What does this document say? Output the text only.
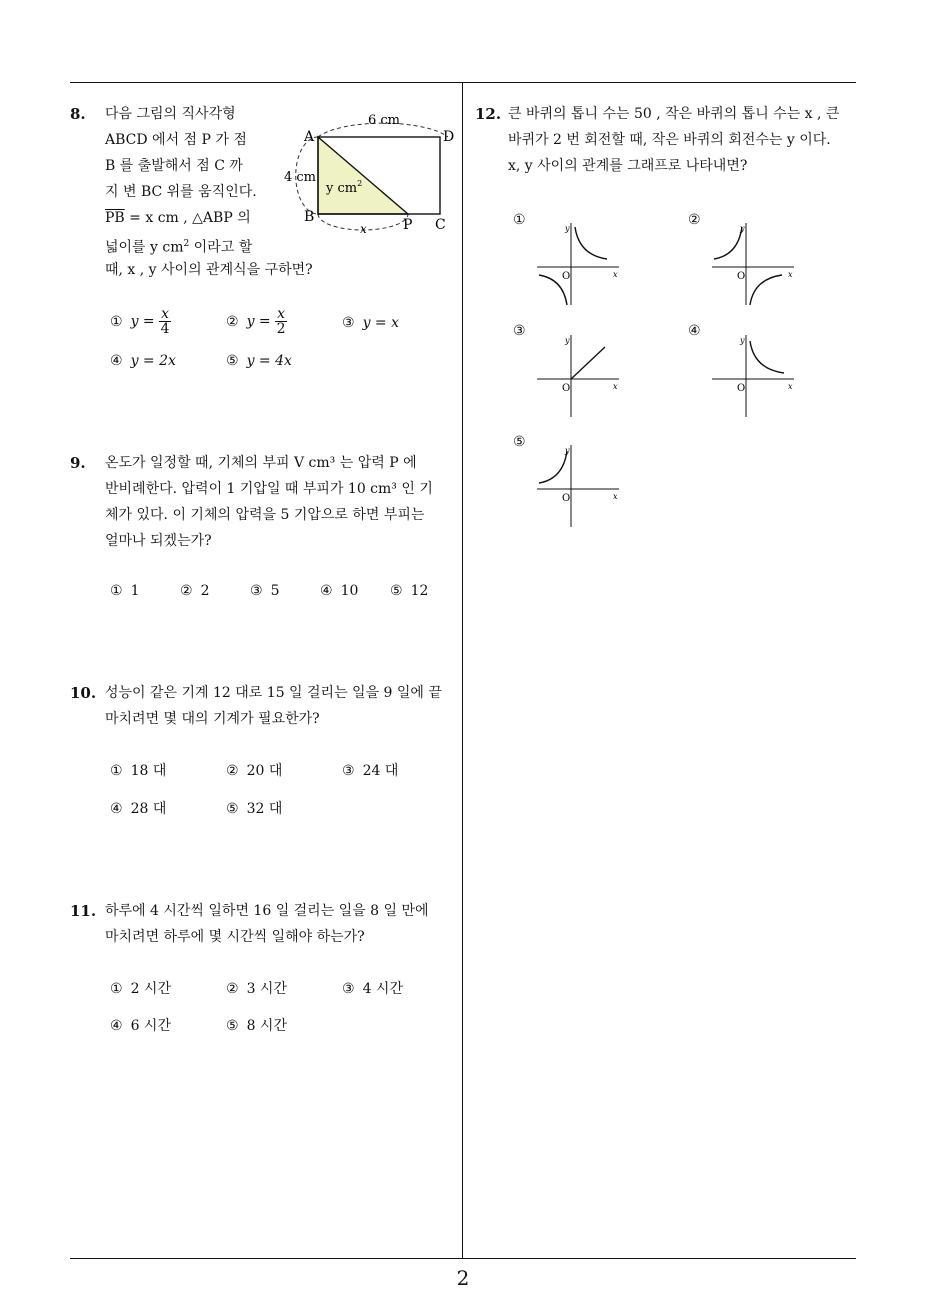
2
8. 다음 그림의 직사각형
ABCD 에서 점 P 가 점
B 를 출발해서 점 C 까
지 변 BC 위를 움직인다.
$\overline{PB} = x$ cm , △ABP 의
넓이를 y $cm^2$ 이라고 할
때, x , y 사이의 관계식을 구하면?
A
B	C
D
P
6 cm
4 cm
y $cm^2$
x
① $y = \frac{x}{4}$	② $y = \frac{x}{2}$	③ y = x
④ y = 2x	⑤ y = 4x
9. 온도가 일정할 때, 기체의 부피 V cm³ 는 압력 P 에
반비례한다. 압력이 1 기압일 때 부피가 10 cm³ 인 기
체가 있다. 이 기체의 압력을 5 기압으로 하면 부피는
얼마나 되겠는가?
① 1	② 2	③ 5	④ 10 ⑤ 12
10. 성능이 같은 기계 12 대로 15 일 걸리는 일을 9 일에 끝
마치려면 몇 대의 기계가 필요한가?
① 18 대	② 20 대	③ 24 대
④ 28 대	⑤ 32 대
11. 하루에 4 시간씩 일하면 16 일 걸리는 일을 8 일 만에
마치려면 하루에 몇 시간씩 일해야 하는가?
① 2 시간	② 3 시간	③ 4 시간
④ 6 시간	⑤ 8 시간
12. 큰 바퀴의 톱니 수는 50 , 작은 바퀴의 톱니 수는 x , 큰
바퀴가 2 번 회전할 때, 작은 바퀴의 회전수는 y 이다.
x, y 사이의 관계를 그래프로 나타내면?
①
y
x
O
②
y
x
O
③
y
x
O
④
y
x
O
⑤
y
x
O
